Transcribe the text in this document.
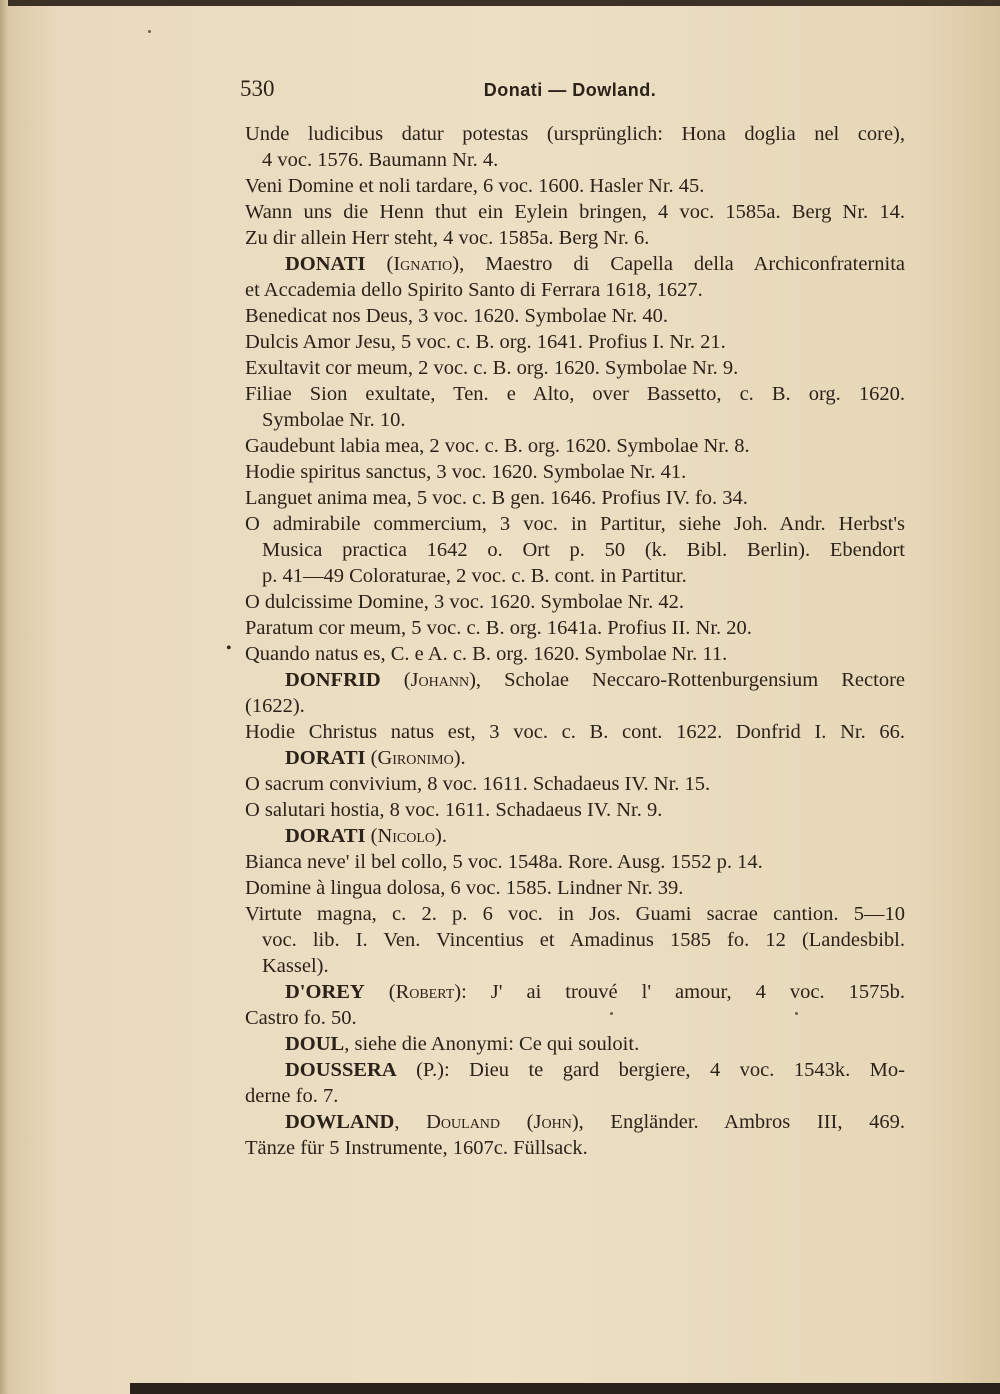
530	Donati — Dowland.
•
Unde ludicibus datur potestas (ursprünglich: Hona doglia nel core),
4 voc. 1576. Baumann Nr. 4.
Veni Domine et noli tardare, 6 voc. 1600. Hasler Nr. 45.
Wann uns die Henn thut ein Eylein bringen, 4 voc. 1585a. Berg Nr. 14.
Zu dir allein Herr steht, 4 voc. 1585a. Berg Nr. 6.
DONATI (Ignatio), Maestro di Capella della Archiconfraternita
et Accademia dello Spirito Santo di Ferrara 1618, 1627.
Benedicat nos Deus, 3 voc. 1620. Symbolae Nr. 40.
Dulcis Amor Jesu, 5 voc. c. B. org. 1641. Profius I. Nr. 21.
Exultavit cor meum, 2 voc. c. B. org. 1620. Symbolae Nr. 9.
Filiae Sion exultate, Ten. e Alto, over Bassetto, c. B. org. 1620.
Symbolae Nr. 10.
Gaudebunt labia mea, 2 voc. c. B. org. 1620. Symbolae Nr. 8.
Hodie spiritus sanctus, 3 voc. 1620. Symbolae Nr. 41.
Languet anima mea, 5 voc. c. B gen. 1646. Profius IV. fo. 34.
O admirabile commercium, 3 voc. in Partitur, siehe Joh. Andr. Herbst's
Musica practica 1642 o. Ort p. 50 (k. Bibl. Berlin). Ebendort
p. 41—49 Coloraturae, 2 voc. c. B. cont. in Partitur.
O dulcissime Domine, 3 voc. 1620. Symbolae Nr. 42.
Paratum cor meum, 5 voc. c. B. org. 1641a. Profius II. Nr. 20.
Quando natus es, C. e A. c. B. org. 1620. Symbolae Nr. 11.
DONFRID (Johann), Scholae Neccaro-Rottenburgensium Rectore
(1622).
Hodie Christus natus est, 3 voc. c. B. cont. 1622. Donfrid I. Nr. 66.
DORATI (Gironimo).
O sacrum convivium, 8 voc. 1611. Schadaeus IV. Nr. 15.
O salutari hostia, 8 voc. 1611. Schadaeus IV. Nr. 9.
DORATI (Nicolo).
Bianca neve' il bel collo, 5 voc. 1548a. Rore. Ausg. 1552 p. 14.
Domine à lingua dolosa, 6 voc. 1585. Lindner Nr. 39.
Virtute magna, c. 2. p. 6 voc. in Jos. Guami sacrae cantion. 5—10
voc. lib. I. Ven. Vincentius et Amadinus 1585 fo. 12 (Landesbibl.
Kassel).
D'OREY (Robert): J' ai trouvé l' amour, 4 voc. 1575b.
Castro fo. 50.
DOUL, siehe die Anonymi: Ce qui souloit.
DOUSSERA (P.): Dieu te gard bergiere, 4 voc. 1543k. Mo-
derne fo. 7.
DOWLAND, Douland (John), Engländer. Ambros III, 469.
Tänze für 5 Instrumente, 1607c. Füllsack.
